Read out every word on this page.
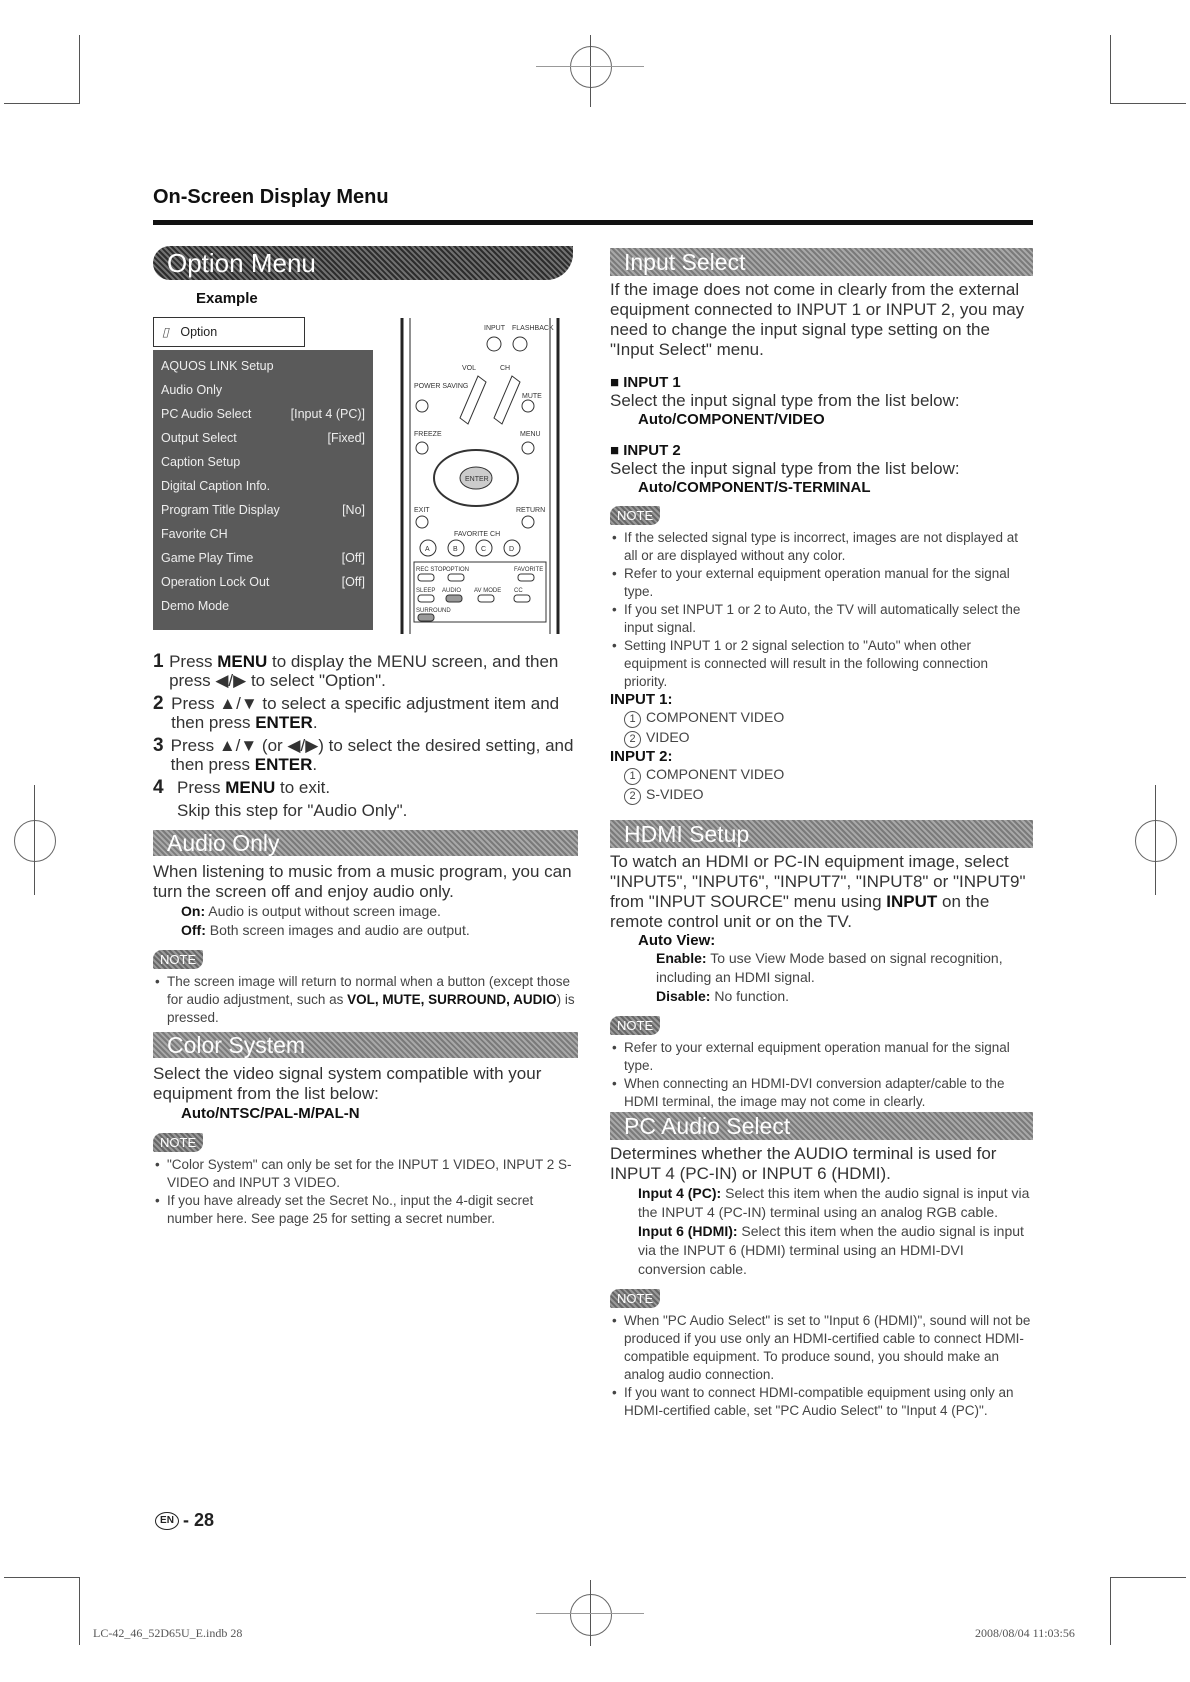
On-Screen Display Menu
Option Menu
Example
▯ Option
AQUOS LINK Setup
Audio Only
PC Audio Select	[Input 4 (PC)]
Output Select	[Fixed]
Caption Setup
Digital Caption Info.
Program Title Display	[No]
Favorite CH
Game Play Time	[Off]
Operation Lock Out	[Off]
Demo Mode
INPUT FLASHBACK
VOL	CH
POWER SAVING
MUTE
FREEZE	MENU
ENTER
EXIT	RETURN
FAVORITE CH
A	B	C	D
REC STOP OPTION	FAVORITE
SLEEP AUDIO AV MODE CC
SURROUND
1 Press MENU to display the MENU screen, and then press ◀/▶ to select "Option".
2 Press ▲/▼ to select a specific adjustment item and then press ENTER.
3 Press ▲/▼ (or ◀/▶) to select the desired setting, and then press ENTER.
4 Press MENU to exit.
Skip this step for "Audio Only".
Audio Only
When listening to music from a music program, you can turn the screen off and enjoy audio only.
On: Audio is output without screen image.
Off: Both screen images and audio are output.
NOTE
• The screen image will return to normal when a button (except those for audio adjustment, such as VOL, MUTE, SURROUND, AUDIO) is pressed.
Color System
Select the video signal system compatible with your equipment from the list below:
Auto/NTSC/PAL-M/PAL-N
NOTE
• "Color System" can only be set for the INPUT 1 VIDEO, INPUT 2 S-VIDEO and INPUT 3 VIDEO.
• If you have already set the Secret No., input the 4-digit secret number here. See page 25 for setting a secret number.
Input Select
If the image does not come in clearly from the external equipment connected to INPUT 1 or INPUT 2, you may need to change the input signal type setting on the "Input Select" menu.
■ INPUT 1
Select the input signal type from the list below:
Auto/COMPONENT/VIDEO
■ INPUT 2
Select the input signal type from the list below:
Auto/COMPONENT/S-TERMINAL
NOTE
• If the selected signal type is incorrect, images are not displayed at all or are displayed without any color.
• Refer to your external equipment operation manual for the signal type.
• If you set INPUT 1 or 2 to Auto, the TV will automatically select the input signal.
• Setting INPUT 1 or 2 signal selection to "Auto" when other equipment is connected will result in the following connection priority.
INPUT 1:
1 COMPONENT VIDEO
2 VIDEO
INPUT 2:
1 COMPONENT VIDEO
2 S-VIDEO
HDMI Setup
To watch an HDMI or PC-IN equipment image, select "INPUT5", "INPUT6", "INPUT7", "INPUT8" or "INPUT9" from "INPUT SOURCE" menu using INPUT on the remote control unit or on the TV.
Auto View:
Enable: To use View Mode based on signal recognition, including an HDMI signal.
Disable: No function.
NOTE
• Refer to your external equipment operation manual for the signal type.
• When connecting an HDMI-DVI conversion adapter/cable to the HDMI terminal, the image may not come in clearly.
PC Audio Select
Determines whether the AUDIO terminal is used for INPUT 4 (PC-IN) or INPUT 6 (HDMI).
Input 4 (PC): Select this item when the audio signal is input via the INPUT 4 (PC-IN) terminal using an analog RGB cable.
Input 6 (HDMI): Select this item when the audio signal is input via the INPUT 6 (HDMI) terminal using an HDMI-DVI conversion cable.
NOTE
• When "PC Audio Select" is set to "Input 6 (HDMI)", sound will not be produced if you use only an HDMI-certified cable to connect HDMI-compatible equipment. To produce sound, you should make an analog audio connection.
• If you want to connect HDMI-compatible equipment using only an HDMI-certified cable, set "PC Audio Select" to "Input 4 (PC)".
EN - 28
LC-42_46_52D65U_E.indb 28	2008/08/04 11:03:56
